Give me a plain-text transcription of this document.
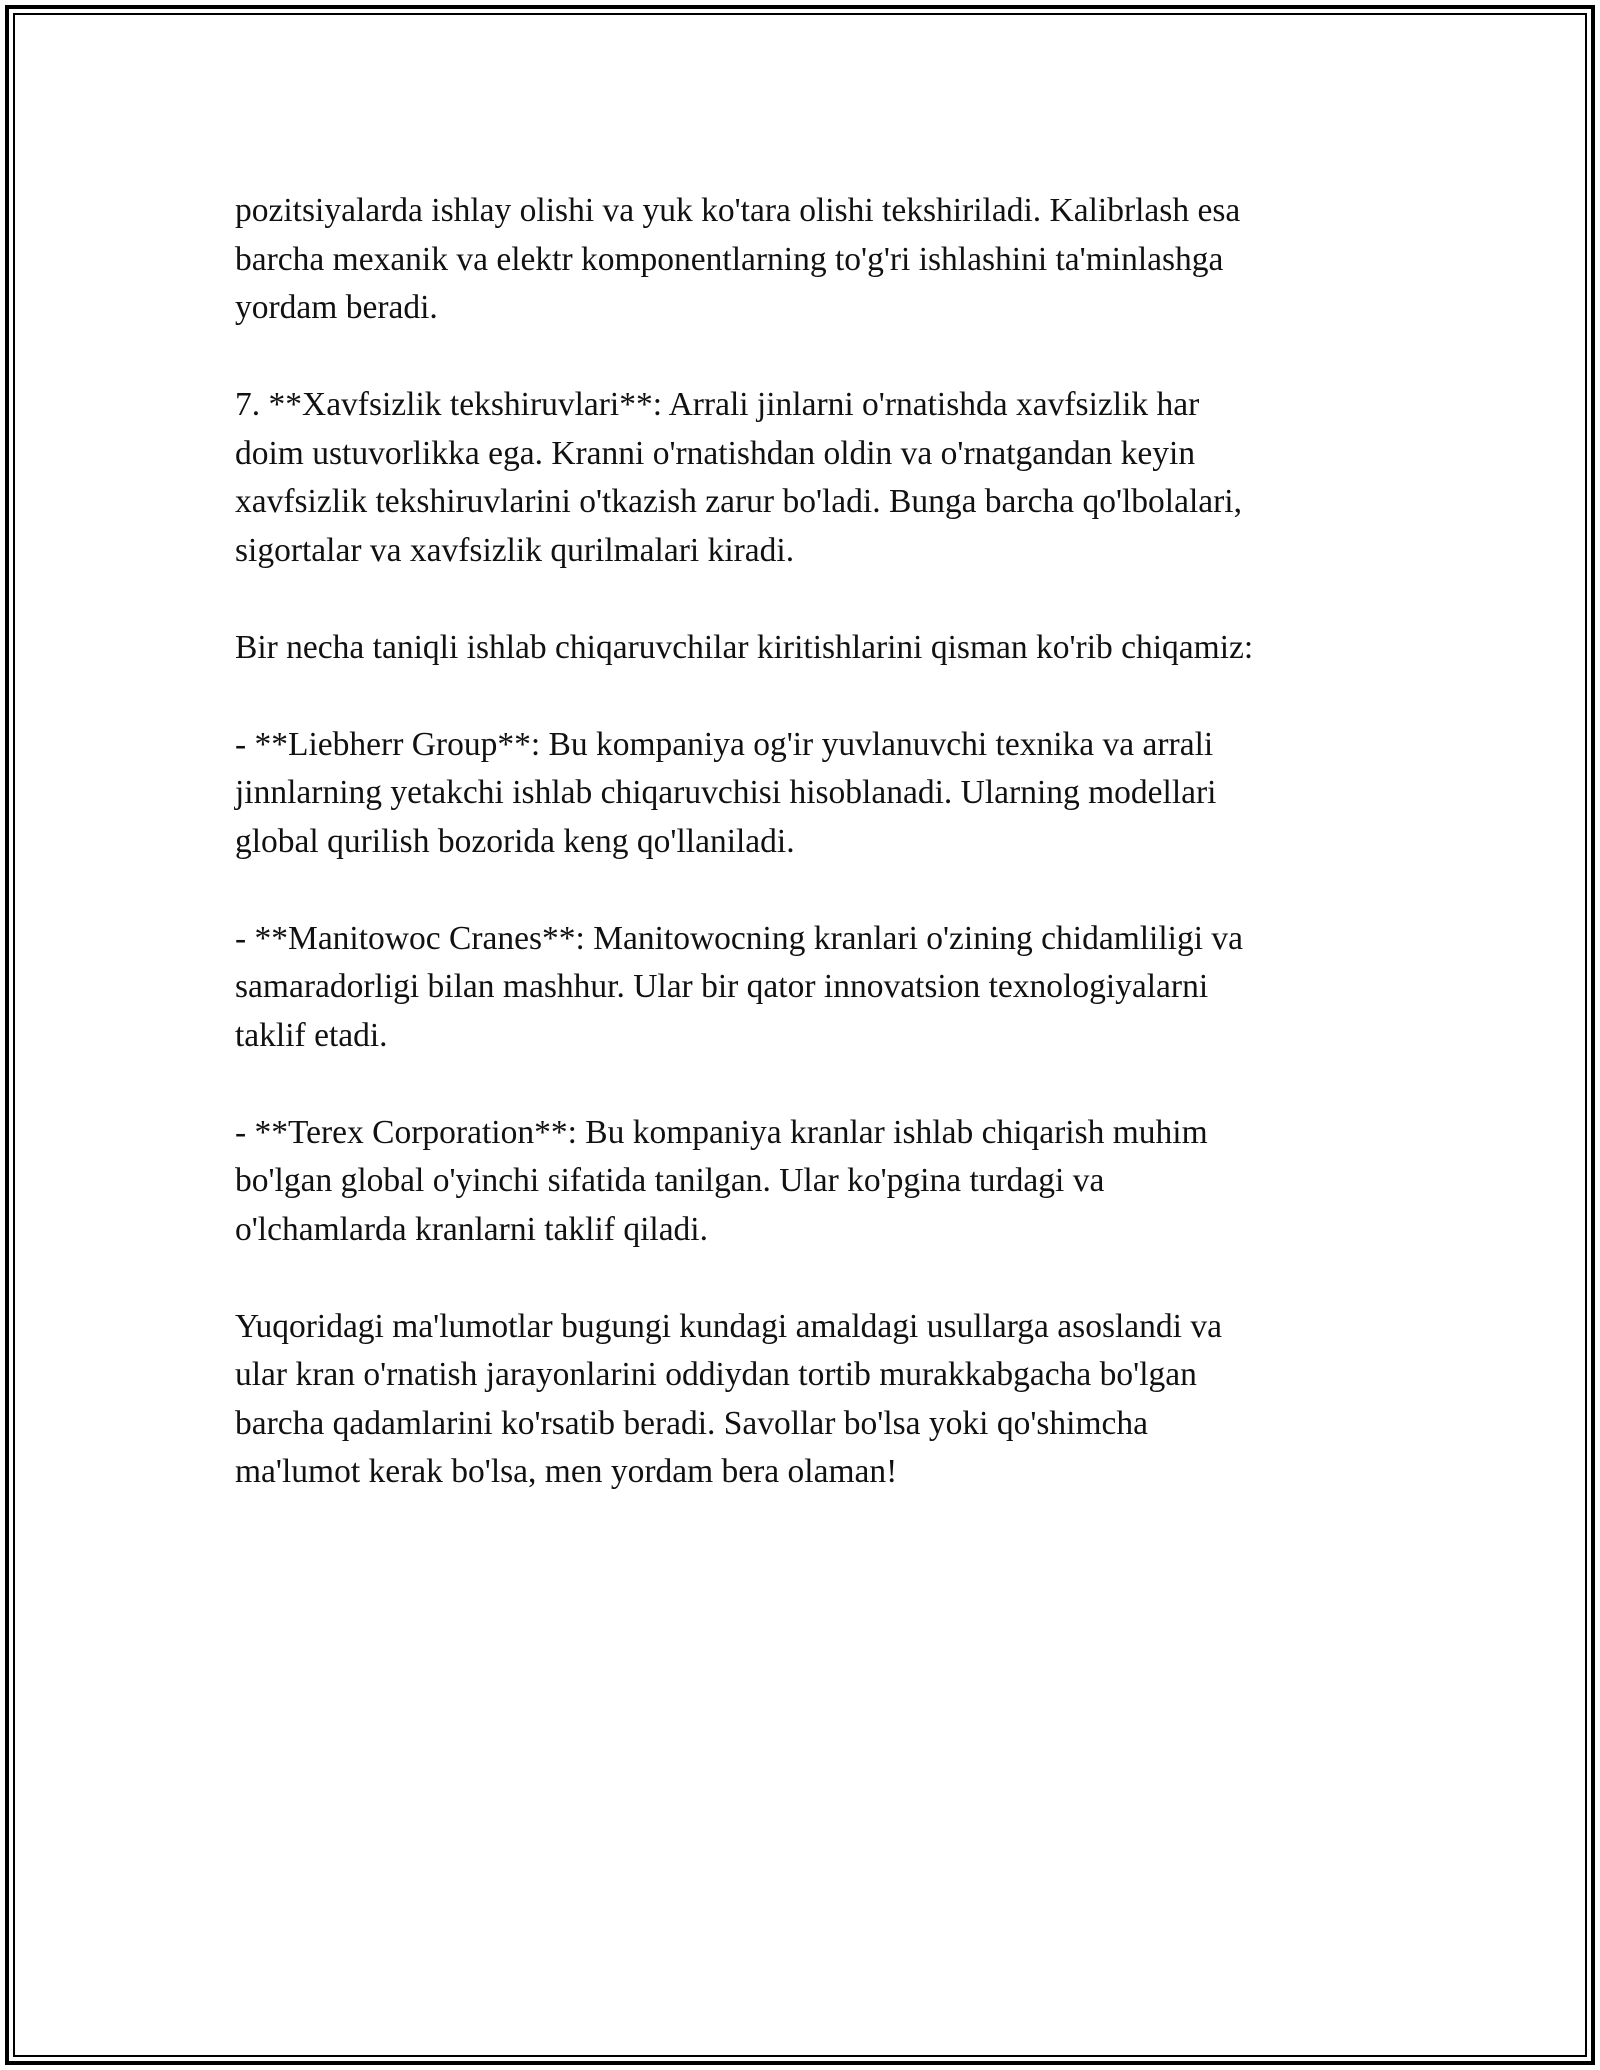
pozitsiyalarda ishlay olishi va yuk ko'tara olishi tekshiriladi. Kalibrlash esa
barcha mexanik va elektr komponentlarning to'g'ri ishlashini ta'minlashga
yordam beradi.

7. **Xavfsizlik tekshiruvlari**: Arrali jinlarni o'rnatishda xavfsizlik har
doim ustuvorlikka ega. Kranni o'rnatishdan oldin va o'rnatgandan keyin
xavfsizlik tekshiruvlarini o'tkazish zarur bo'ladi. Bunga barcha qo'lbolalari,
sigortalar va xavfsizlik qurilmalari kiradi.

Bir necha taniqli ishlab chiqaruvchilar kiritishlarini qisman ko'rib chiqamiz:

- **Liebherr Group**: Bu kompaniya og'ir yuvlanuvchi texnika va arrali
jinnlarning yetakchi ishlab chiqaruvchisi hisoblanadi. Ularning modellari
global qurilish bozorida keng qo'llaniladi.

- **Manitowoc Cranes**: Manitowocning kranlari o'zining chidamliligi va
samaradorligi bilan mashhur. Ular bir qator innovatsion texnologiyalarni
taklif etadi.

- **Terex Corporation**: Bu kompaniya kranlar ishlab chiqarish muhim
bo'lgan global o'yinchi sifatida tanilgan. Ular ko'pgina turdagi va
o'lchamlarda kranlarni taklif qiladi.

Yuqoridagi ma'lumotlar bugungi kundagi amaldagi usullarga asoslandi va
ular kran o'rnatish jarayonlarini oddiydan tortib murakkabgacha bo'lgan
barcha qadamlarini ko'rsatib beradi. Savollar bo'lsa yoki qo'shimcha
ma'lumot kerak bo'lsa, men yordam bera olaman!
